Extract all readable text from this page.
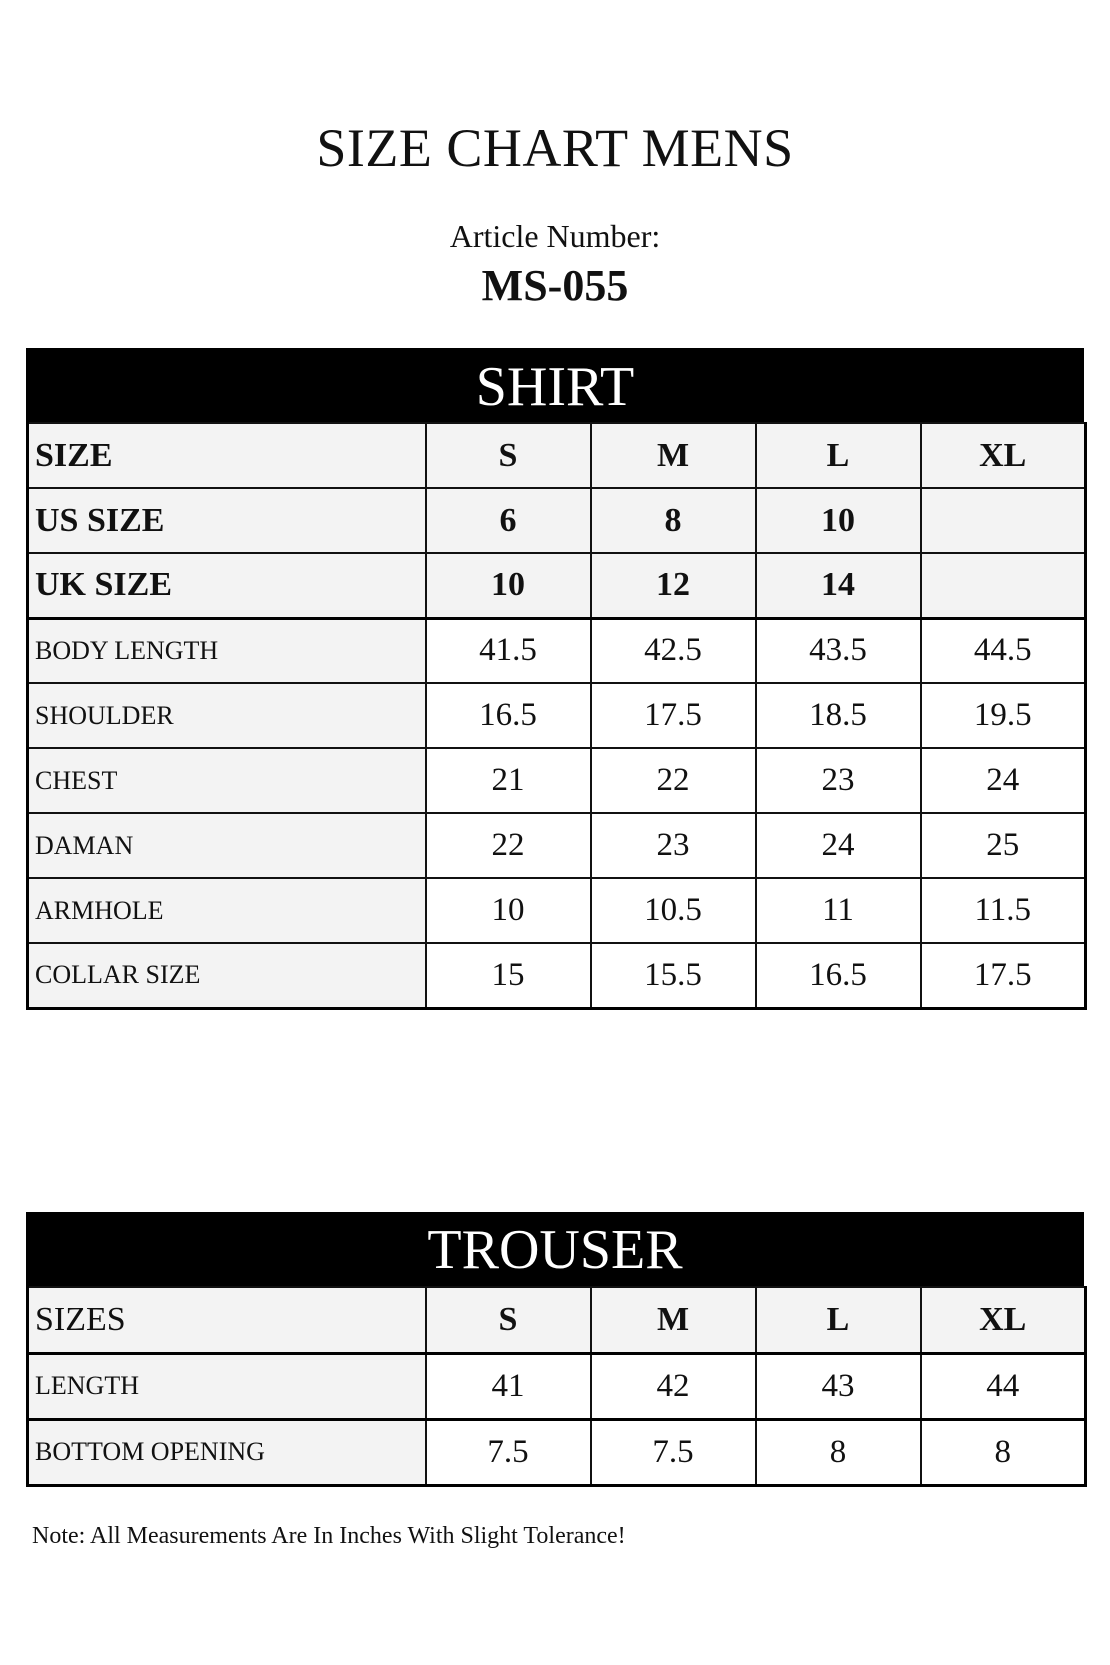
SIZE CHART MENS
Article Number:
MS-055
SHIRT
SIZE	S	M	L	XL
US SIZE	6	8	10	
UK SIZE	10	12	14	
BODY LENGTH	41.5	42.5	43.5	44.5
SHOULDER	16.5	17.5	18.5	19.5
CHEST	21	22	23	24
DAMAN	22	23	24	25
ARMHOLE	10	10.5	11	11.5
COLLAR SIZE	15	15.5	16.5	17.5
TROUSER
SIZES	S	M	L	XL
LENGTH	41	42	43	44
BOTTOM OPENING	7.5	7.5	8	8
Note: All Measurements Are In Inches With Slight Tolerance!
